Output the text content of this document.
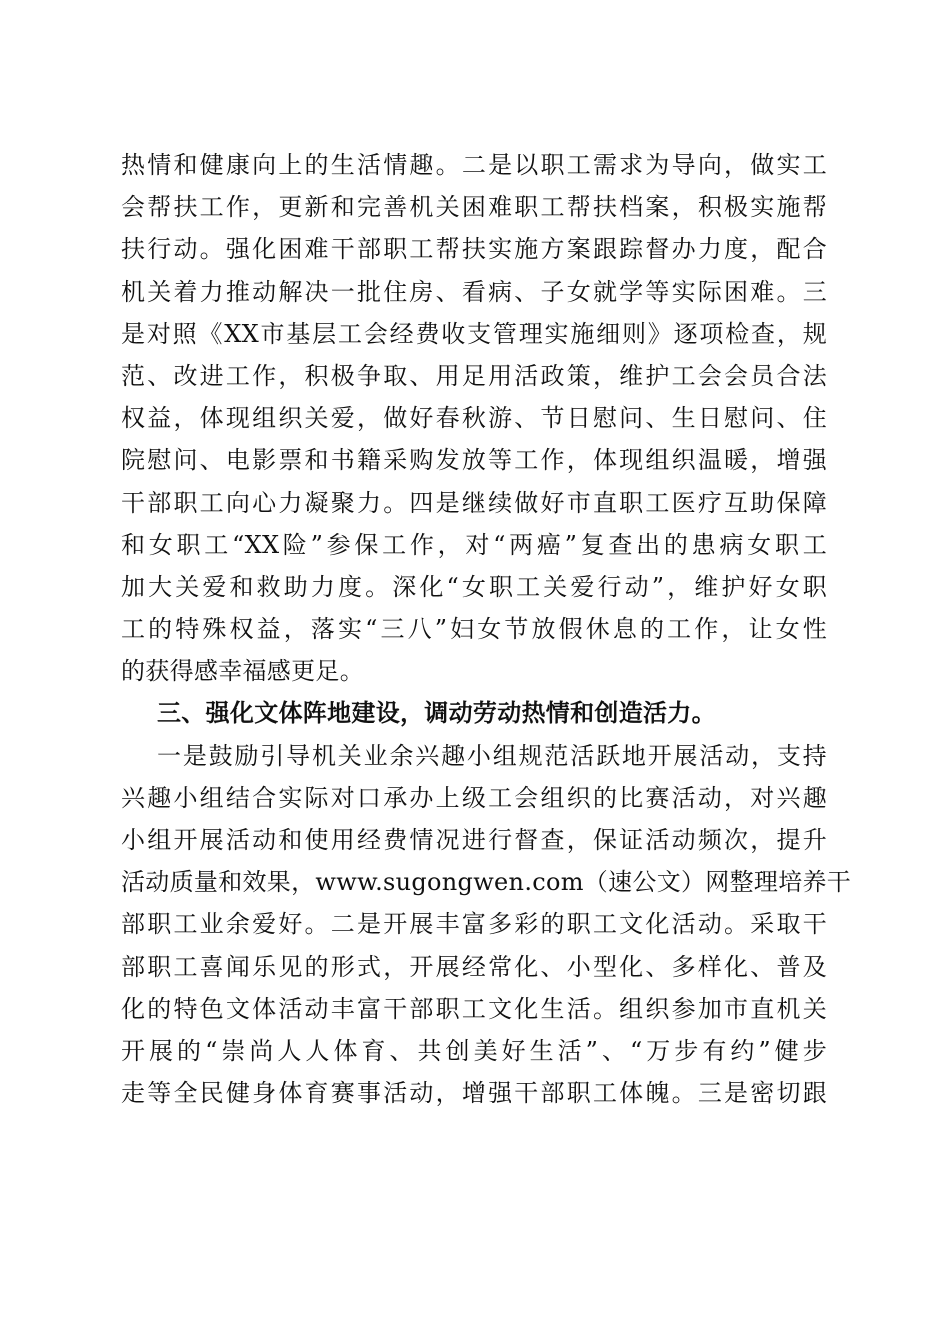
热情和健康向上的生活情趣。二是以职工需求为导向，做实工
会帮扶工作，更新和完善机关困难职工帮扶档案，积极实施帮
扶行动。强化困难干部职工帮扶实施方案跟踪督办力度，配合
机关着力推动解决一批住房、看病、子女就学等实际困难。三
是对照《XX市基层工会经费收支管理实施细则》逐项检查，规
范、改进工作，积极争取、用足用活政策，维护工会会员合法
权益，体现组织关爱，做好春秋游、节日慰问、生日慰问、住
院慰问、电影票和书籍采购发放等工作，体现组织温暖，增强
干部职工向心力凝聚力。四是继续做好市直职工医疗互助保障
和女职工“XX险”参保工作，对“两癌”复查出的患病女职工
加大关爱和救助力度。深化“女职工关爱行动”，维护好女职
工的特殊权益，落实“三八”妇女节放假休息的工作，让女性
的获得感幸福感更足。
三、强化文体阵地建设，调动劳动热情和创造活力。
一是鼓励引导机关业余兴趣小组规范活跃地开展活动，支持
兴趣小组结合实际对口承办上级工会组织的比赛活动，对兴趣
小组开展活动和使用经费情况进行督查，保证活动频次，提升
活动质量和效果，www.sugongwen.com（速公文）网整理培养干
部职工业余爱好。二是开展丰富多彩的职工文化活动。采取干
部职工喜闻乐见的形式，开展经常化、小型化、多样化、普及
化的特色文体活动丰富干部职工文化生活。组织参加市直机关
开展的“崇尚人人体育、共创美好生活”、“万步有约”健步
走等全民健身体育赛事活动，增强干部职工体魄。三是密切跟
